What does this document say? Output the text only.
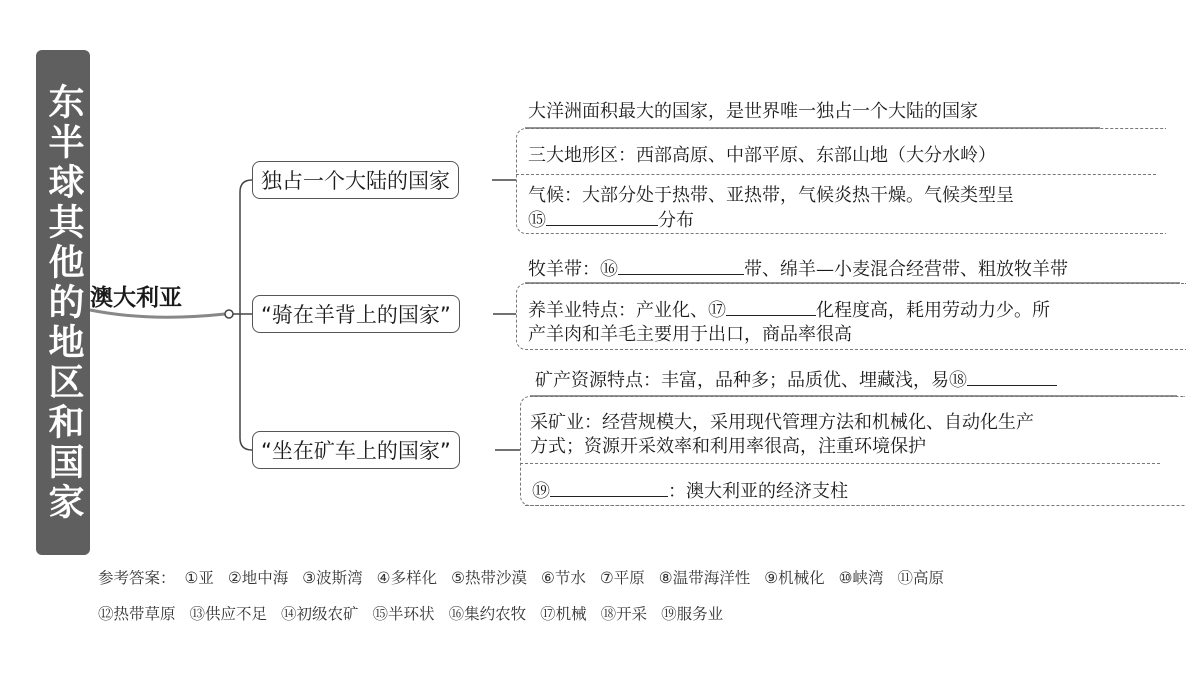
东半球其他的地区和国家 澳大利亚
独占一个大陆的国家
“骑在羊背上的国家”
“坐在矿车上的国家”
大洋洲面积最大的国家，是世界唯一独占一个大陆的国家
三大地形区：西部高原、中部平原、东部山地（大分水岭）
气候：大部分处于热带、亚热带，气候炎热干燥。气候类型呈
⑮	分布
牧羊带：⑯	带、绵羊—小麦混合经营带、粗放牧羊带
养羊业特点：产业化、⑰	化程度高，耗用劳动力少。所
产羊肉和羊毛主要用于出口，商品率很高
矿产资源特点：丰富，品种多；品质优、埋藏浅，易⑱
采矿业：经营规模大，采用现代管理方法和机械化、自动化生产
方式；资源开采效率和利用率很高，注重环境保护
⑲	：澳大利亚的经济支柱
参考答案： ①亚 ②地中海 ③波斯湾 ④多样化 ⑤热带沙漠 ⑥节水 ⑦平原 ⑧温带海洋性 ⑨机械化 ⑩峡湾 ⑪高原
⑫热带草原 ⑬供应不足 ⑭初级农矿 ⑮半环状 ⑯集约农牧 ⑰机械 ⑱开采 ⑲服务业
